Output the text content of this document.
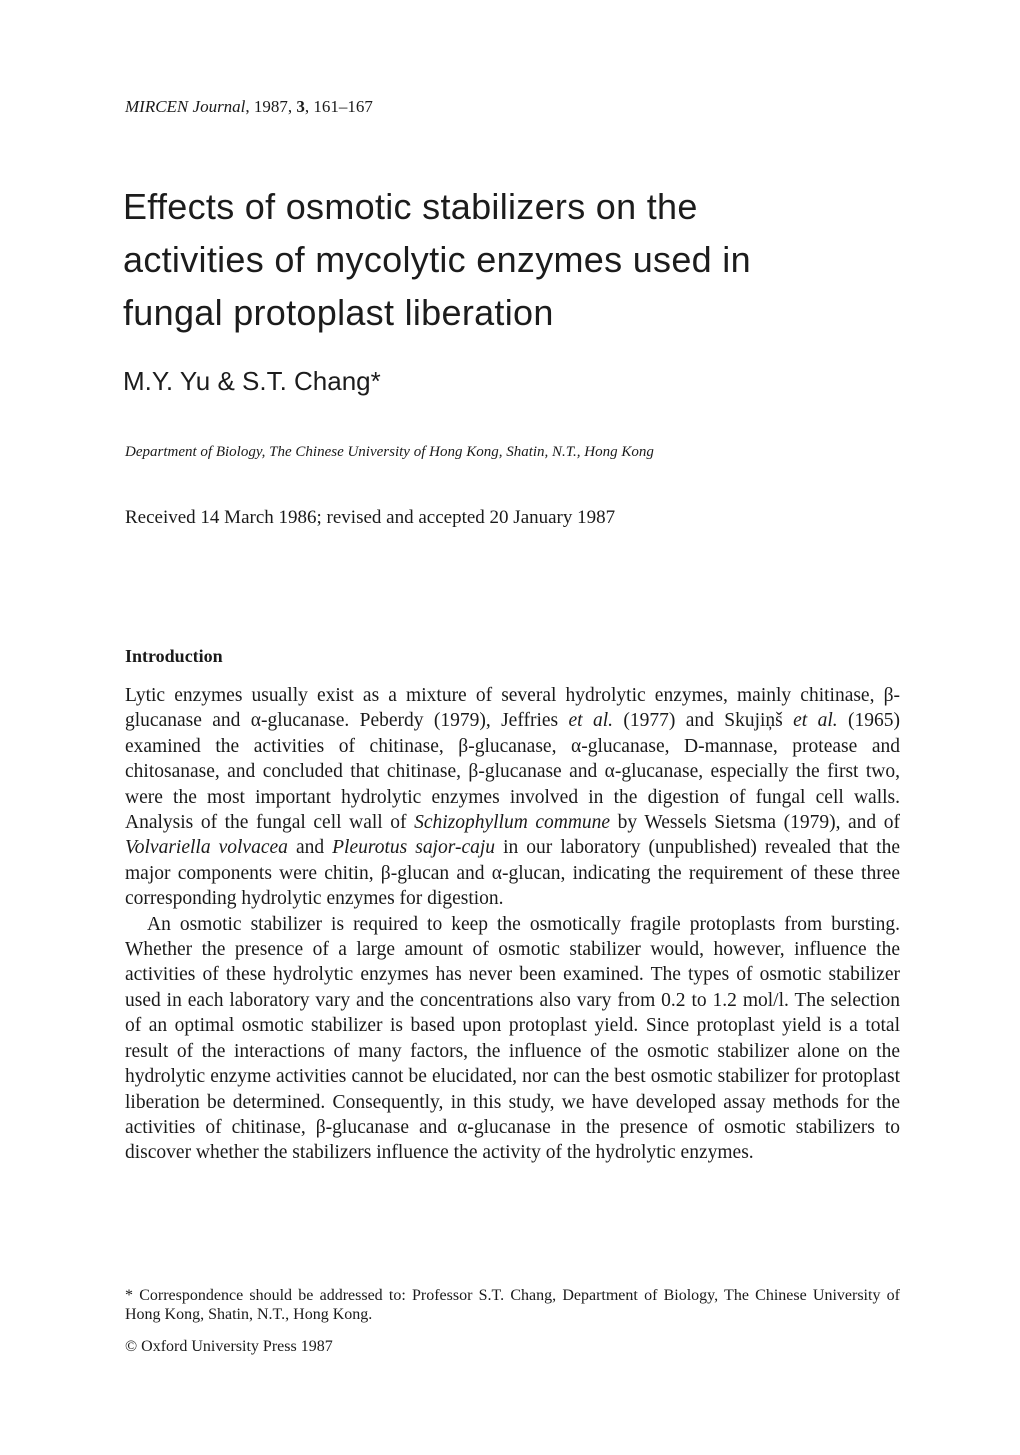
MIRCEN Journal, 1987, 3, 161–167
Effects of osmotic stabilizers on the
activities of mycolytic enzymes used in
fungal protoplast liberation
M.Y. Yu & S.T. Chang*
Department of Biology, The Chinese University of Hong Kong, Shatin, N.T., Hong Kong
Received 14 March 1986; revised and accepted 20 January 1987
Introduction

Lytic enzymes usually exist as a mixture of several hydrolytic enzymes, mainly chitinase, β-glucanase and α-glucanase. Peberdy (1979), Jeffries et al. (1977) and Skujiņš et al. (1965) examined the activities of chitinase, β-glucanase, α-glucanase, D-mannase, protease and chitosanase, and concluded that chitinase, β-glucanase and α-glucanase, especially the first two, were the most important hydrolytic enzymes involved in the digestion of fungal cell walls. Analysis of the fungal cell wall of Schizophyllum commune by Wessels Sietsma (1979), and of Volvariella volvacea and Pleurotus sajor-caju in our laboratory (unpublished) revealed that the major components were chitin, β-glucan and α-glucan, indicating the requirement of these three corresponding hydrolytic enzymes for digestion.

An osmotic stabilizer is required to keep the osmotically fragile protoplasts from bursting. Whether the presence of a large amount of osmotic stabilizer would, however, influence the activities of these hydrolytic enzymes has never been examined. The types of osmotic stabilizer used in each laboratory vary and the concentrations also vary from 0.2 to 1.2 mol/l. The selection of an optimal osmotic stabilizer is based upon protoplast yield. Since protoplast yield is a total result of the interactions of many factors, the influence of the osmotic stabilizer alone on the hydrolytic enzyme activities cannot be elucidated, nor can the best osmotic stabilizer for protoplast liberation be determined. Consequently, in this study, we have developed assay methods for the activities of chitinase, β-glucanase and α-glucanase in the presence of osmotic stabilizers to discover whether the stabilizers influence the activity of the hydrolytic enzymes.

* Correspondence should be addressed to: Professor S.T. Chang, Department of Biology, The Chinese University of Hong Kong, Shatin, N.T., Hong Kong.
© Oxford University Press 1987
